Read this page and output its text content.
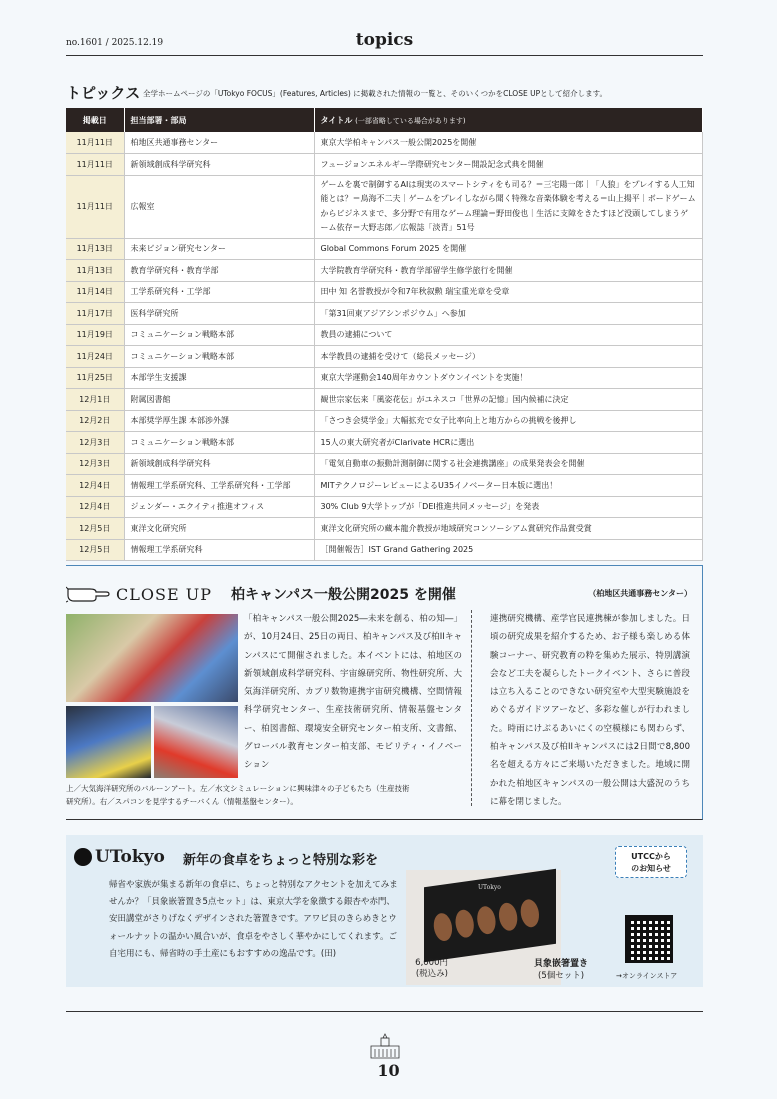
no.1601 / 2025.12.19	topics
トピックス 全学ホームページの「UTokyo FOCUS」(Features, Articles) に掲載された情報の一覧と、そのいくつかをCLOSE UPとして紹介します。
掲載日	担当部署・部局	タイトル (一部省略している場合があります)
11月11日	柏地区共通事務センター	東京大学柏キャンパス一般公開2025を開催
11月11日	新領域創成科学研究科	フュージョンエネルギー学際研究センター開設記念式典を開催
11月11日	広報室	ゲームを裏で制御するAIは現実のスマートシティをも司る？＝三宅陽一郎｜「人狼」をプレイする人工知能とは？＝鳥海不二夫｜ゲームをプレイしながら聞く特殊な音楽体験を考える＝山上揚平｜ボードゲームからビジネスまで、多分野で有用なゲーム理論＝野田俊也｜生活に支障をきたすほど没頭してしまうゲーム依存＝大野志郎／広報誌「淡青」51号
11月13日	未来ビジョン研究センター	Global Commons Forum 2025 を開催
11月13日	教育学研究科・教育学部	大学院教育学研究科・教育学部留学生修学旅行を開催
11月14日	工学系研究科・工学部	田中 知 名誉教授が令和7年秋叙勲 瑞宝重光章を受章
11月17日	医科学研究所	「第31回東アジアシンポジウム」へ参加
11月19日	コミュニケーション戦略本部	教員の逮捕について
11月24日	コミュニケーション戦略本部	本学教員の逮捕を受けて（総長メッセージ）
11月25日	本部学生支援課	東京大学運動会140周年カウントダウンイベントを実施！
12月1日	附属図書館	観世宗家伝来「風姿花伝」がユネスコ「世界の記憶」国内候補に決定
12月2日	本部奨学厚生課 本部渉外課	「さつき会奨学金」大幅拡充で女子比率向上と地方からの挑戦を後押し
12月3日	コミュニケーション戦略本部	15人の東大研究者がClarivate HCRに選出
12月3日	新領域創成科学研究科	「電気自動車の振動計測制御に関する社会連携講座」の成果発表会を開催
12月4日	情報理工学系研究科、工学系研究科・工学部	MITテクノロジーレビューによるU35イノベーター日本版に選出！
12月4日	ジェンダー・エクイティ推進オフィス	30% Club 9大学トップが「DEI推進共同メッセージ」を発表
12月5日	東洋文化研究所	東洋文化研究所の藏本龍介教授が地域研究コンソーシアム賞研究作品賞受賞
12月5日	情報理工学系研究科	［開催報告］IST Grand Gathering 2025
CLOSE UP 柏キャンパス一般公開2025 を開催	（柏地区共通事務センター）
上／大気海洋研究所のバルーンアート。左／水文シミュレーションに興味津々の子どもたち（生産技術研究所）。右／スパコンを見学するチーバくん（情報基盤センター）。
「柏キャンパス一般公開2025―未来を創る、柏の知―」が、10月24日、25日の両日、柏キャンパス及び柏IIキャンパスにて開催されました。本イベントには、柏地区の新領域創成科学研究科、宇宙線研究所、物性研究所、大気海洋研究所、カブリ数物連携宇宙研究機構、空間情報科学研究センター、生産技術研究所、情報基盤センター、柏図書館、環境安全研究センター柏支所、文書館、グローバル教育センター柏支部、モビリティ・イノベーション
連携研究機構、産学官民連携棟が参加しました。日頃の研究成果を紹介するため、お子様も楽しめる体験コーナー、研究教育の粋を集めた展示、特別講演会など工夫を凝らしたトークイベント、さらに普段は立ち入ることのできない研究室や大型実験施設をめぐるガイドツアーなど、多彩な催しが行われました。時雨にけぶるあいにくの空模様にも関わらず、柏キャンパス及び柏IIキャンパスには2日間で8,800名を超える方々にご来場いただきました。地域に開かれた柏地区キャンパスの一般公開は大盛況のうちに幕を閉じました。
UTokyo 新年の食卓をちょっと特別な彩を
帰省や家族が集まる新年の食卓に、ちょっと特別なアクセントを加えてみませんか？「貝象嵌箸置き5点セット」は、東京大学を象徴する銀杏や赤門、安田講堂がさりげなくデザインされた箸置きです。アワビ貝のきらめきとウォールナットの温かい風合いが、食卓をやさしく華やかにしてくれます。ご自宅用にも、帰省時の手土産にもおすすめの逸品です。(田)
UTokyo
6,000円
(税込み)
貝象嵌箸置き
(5個セット)
UTCCから
のお知らせ
→オンラインストア
10
